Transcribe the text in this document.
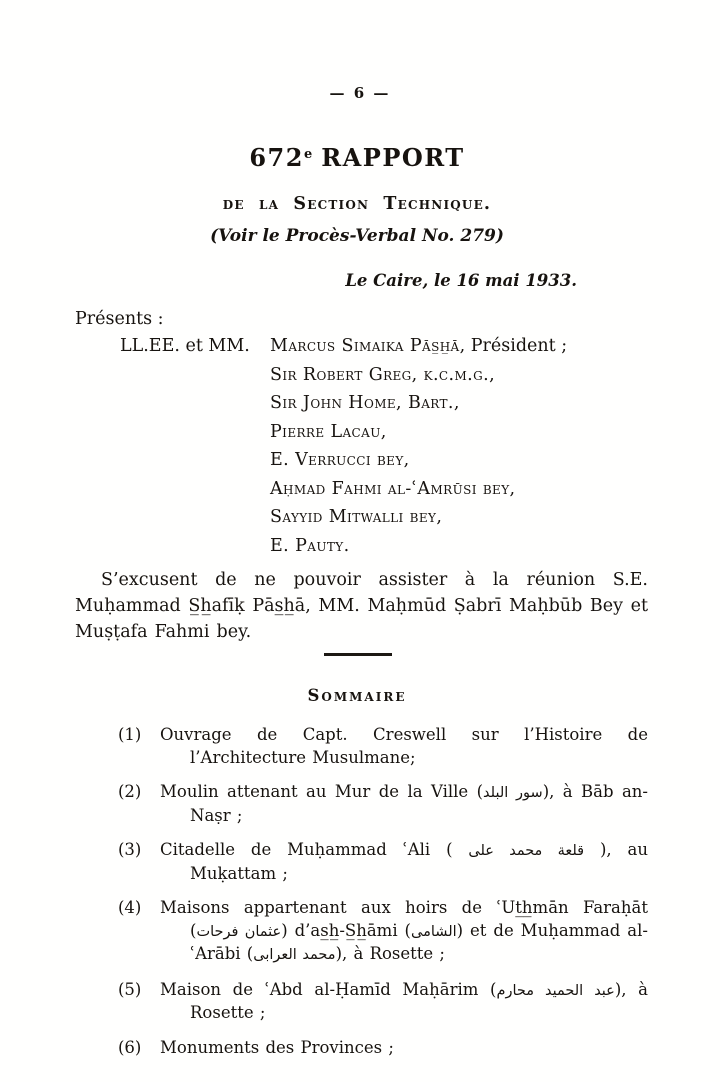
— 6 —
672e RAPPORT
de la Section Technique.
(Voir le Procès-Verbal No. 279)
Le Caire, le 16 mai 1933.
Présents :
LL.EE. et MM.	Marcus Simaika Pās̲h̲ā, Président ;
Sir Robert Greg, k.c.m.g.,
Sir John Home, Bart.,
Pierre Lacau,
E. Verrucci bey,
Aḥmad Fahmi al-ʿAmrūsi bey,
Sayyid Mitwalli bey,
E. Pauty.

S’excusent de ne pouvoir assister à la réunion S.E. Muḥammad S̲h̲afīḳ Pās̲h̲ā, MM. Maḥmūd Ṣabrī Maḥbūb Bey et Muṣṭafa Fahmi bey.

Sommaire
(1)	Ouvrage de Capt. Creswell sur l’Histoire de l’Architecture Musulmane;
(2)	Moulin attenant au Mur de la Ville (سور البلد), à Bāb an-Naṣr ;
(3)	Citadelle de Muḥammad ʿAli ( قلعة محمد على ), au Muḳattam ;
(4)	Maisons appartenant aux hoirs de ʿUt̲h̲mān Faraḥāt (عثمان فرحات) d’as̲h̲-S̲h̲āmi (الشامى) et de Muḥammad al-ʿArābi (محمد العرابى), à Rosette ;
(5)	Maison de ʿAbd al-Ḥamīd Maḥārim (عبد الحميد محارم), à Rosette ;
(6)	Monuments des Provinces ;
